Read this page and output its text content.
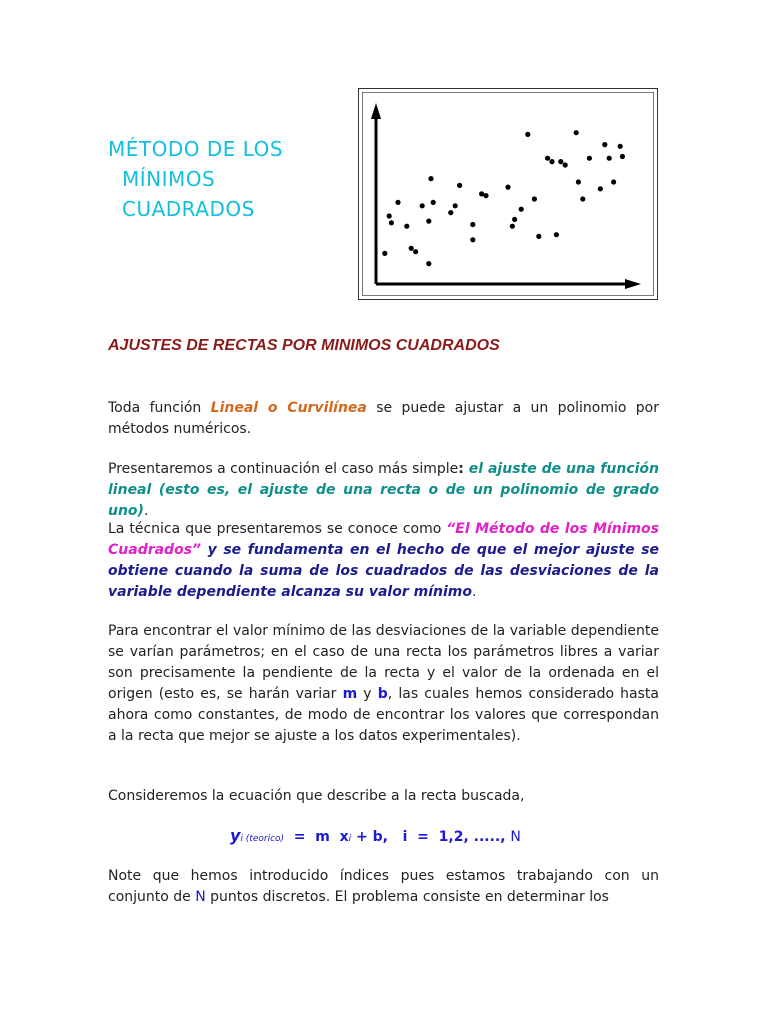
MÉTODO DE LOS
MÍNIMOS
CUADRADOS
AJUSTES DE RECTAS POR MINIMOS CUADRADOS

Toda función Lineal o Curvilínea se puede ajustar a un polinomio por métodos numéricos.

Presentaremos a continuación el caso más simple: el ajuste de una función lineal (esto es, el ajuste de una recta o de un polinomio de grado uno).

La técnica que presentaremos se conoce como “El Método de los Mínimos Cuadrados” y se fundamenta en el hecho de que el mejor ajuste se obtiene cuando la suma de los cuadrados de las desviaciones de la variable dependiente alcanza su valor mínimo.

Para encontrar el valor mínimo de las desviaciones de la variable dependiente se varían parámetros; en el caso de una recta los parámetros libres a variar son precisamente la pendiente de la recta y el valor de la ordenada en el origen (esto es, se harán variar m y b, las cuales hemos considerado hasta ahora como constantes, de modo de encontrar los valores que correspondan a la recta que mejor se ajuste a los datos experimentales).

Consideremos la ecuación que describe a la recta buscada,

yi (teorico)  =  m  xi + b,   i  =  1,2, ....., N

Note que hemos introducido índices pues estamos trabajando con un conjunto de N puntos discretos. El problema consiste en determinar los
